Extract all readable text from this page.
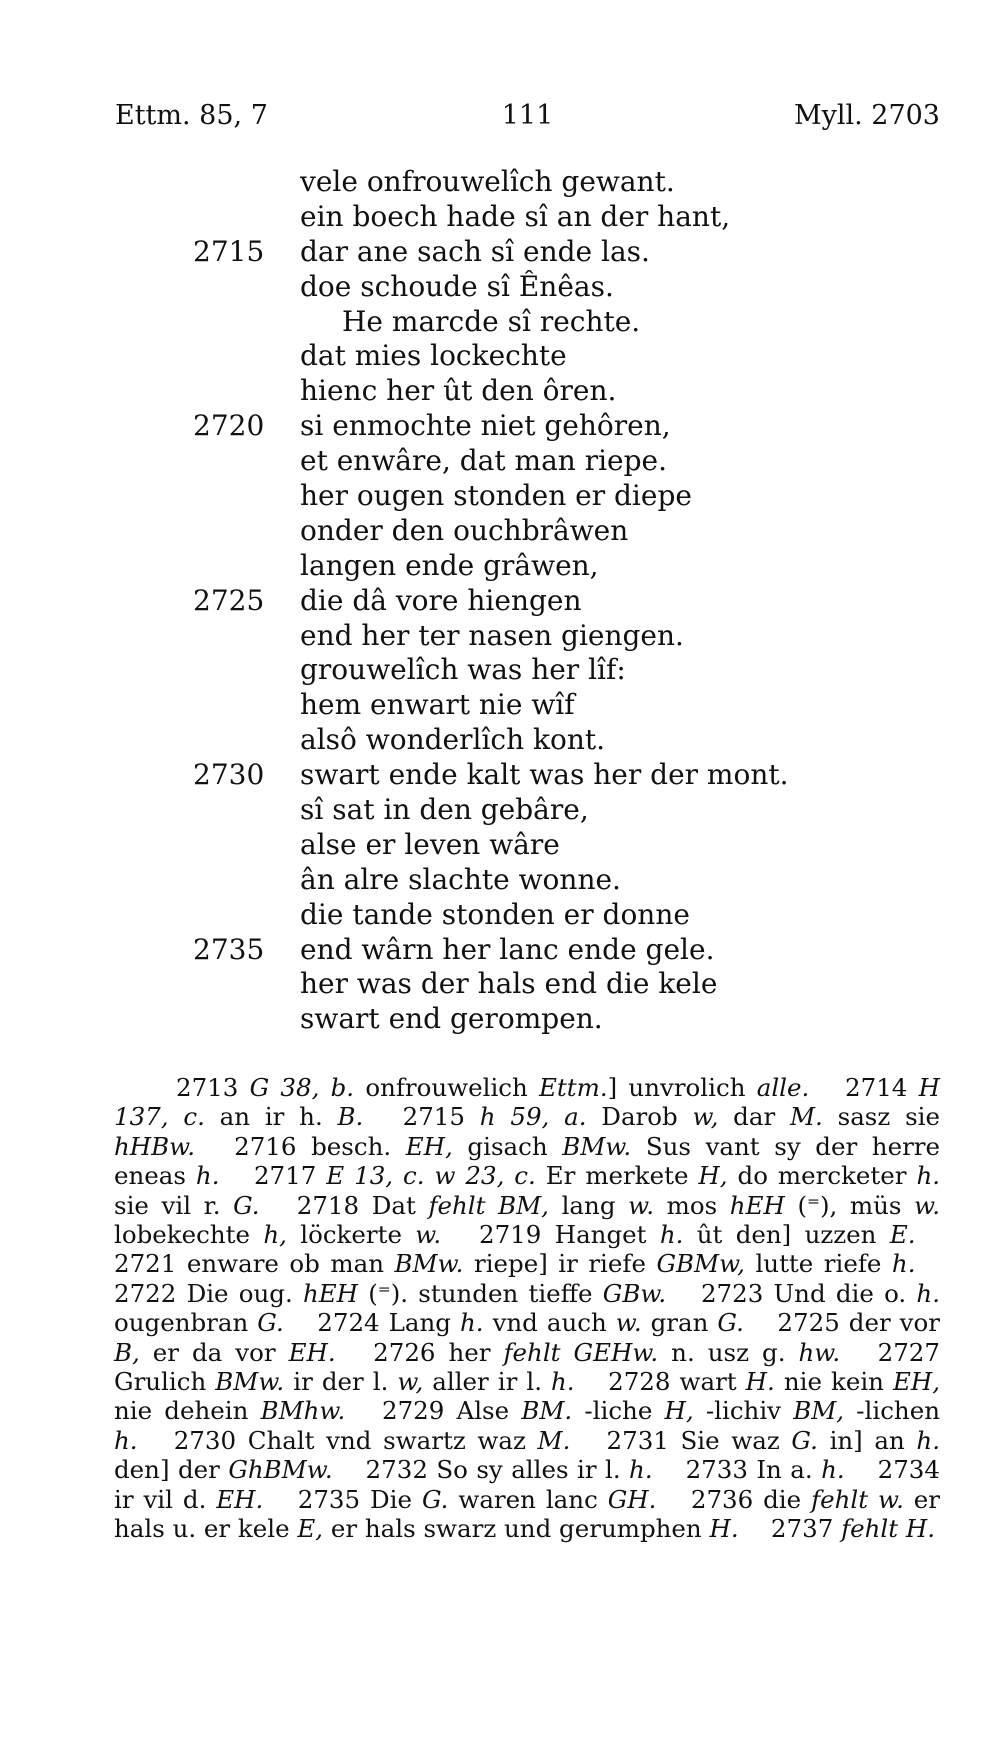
Ettm. 85, 7	111	Myll. 2703
vele onfrouwelîch gewant.
ein boech hade sî an der hant,
2715	dar ane sach sî ende las.
doe schoude sî Ênêas.
He marcde sî rechte.
dat mies lockechte
hienc her ût den ôren.
2720	si enmochte niet gehôren,
et enwâre, dat man riepe.
her ougen stonden er diepe
onder den ouchbrâwen
langen ende grâwen,
2725	die dâ vore hiengen
end her ter nasen giengen.
grouwelîch was her lîf:
hem enwart nie wîf
alsô wonderlîch kont.
2730	swart ende kalt was her der mont.
sî sat in den gebâre,
alse er leven wâre
ân alre slachte wonne.
die tande stonden er donne
2735	end wârn her lanc ende gele.
her was der hals end die kele
swart end gerompen.

2713 G 38, b. onfrouwelich Ettm.] unvrolich alle.  2714 H 137, c. an ir h. B.  2715 h 59, a. Darob w, dar M. sasz sie hHBw.  2716 besch. EH, gisach BMw. Sus vant sy der herre eneas h.  2717 E 13, c. w 23, c. Er merkete H, do mercketer h. sie vil r. G.  2718 Dat fehlt BM, lang w. mos hEH (⁼), müs w. lobekechte h, löckerte w.  2719 Hanget h. ût den] uzzen E.  2721 enware ob man BMw. riepe] ir riefe GBMw, lutte riefe h.  2722 Die oug. hEH (⁼). stunden tieffe GBw.  2723 Und die o. h. ougenbran G.  2724 Lang h. vnd auch w. gran G.  2725 der vor B, er da vor EH.  2726 her fehlt GEHw. n. usz g. hw.  2727 Grulich BMw. ir der l. w, aller ir l. h.  2728 wart H. nie kein EH, nie dehein BMhw.  2729 Alse BM. -liche H, -lichiv BM, -lichen h.  2730 Chalt vnd swartz waz M.  2731 Sie waz G. in] an h. den] der GhBMw.  2732 So sy alles ir l. h.  2733 In a. h.  2734 ir vil d. EH.  2735 Die G. waren lanc GH.  2736 die fehlt w. er hals u. er kele E, er hals swarz und gerumphen H.  2737 fehlt H.
